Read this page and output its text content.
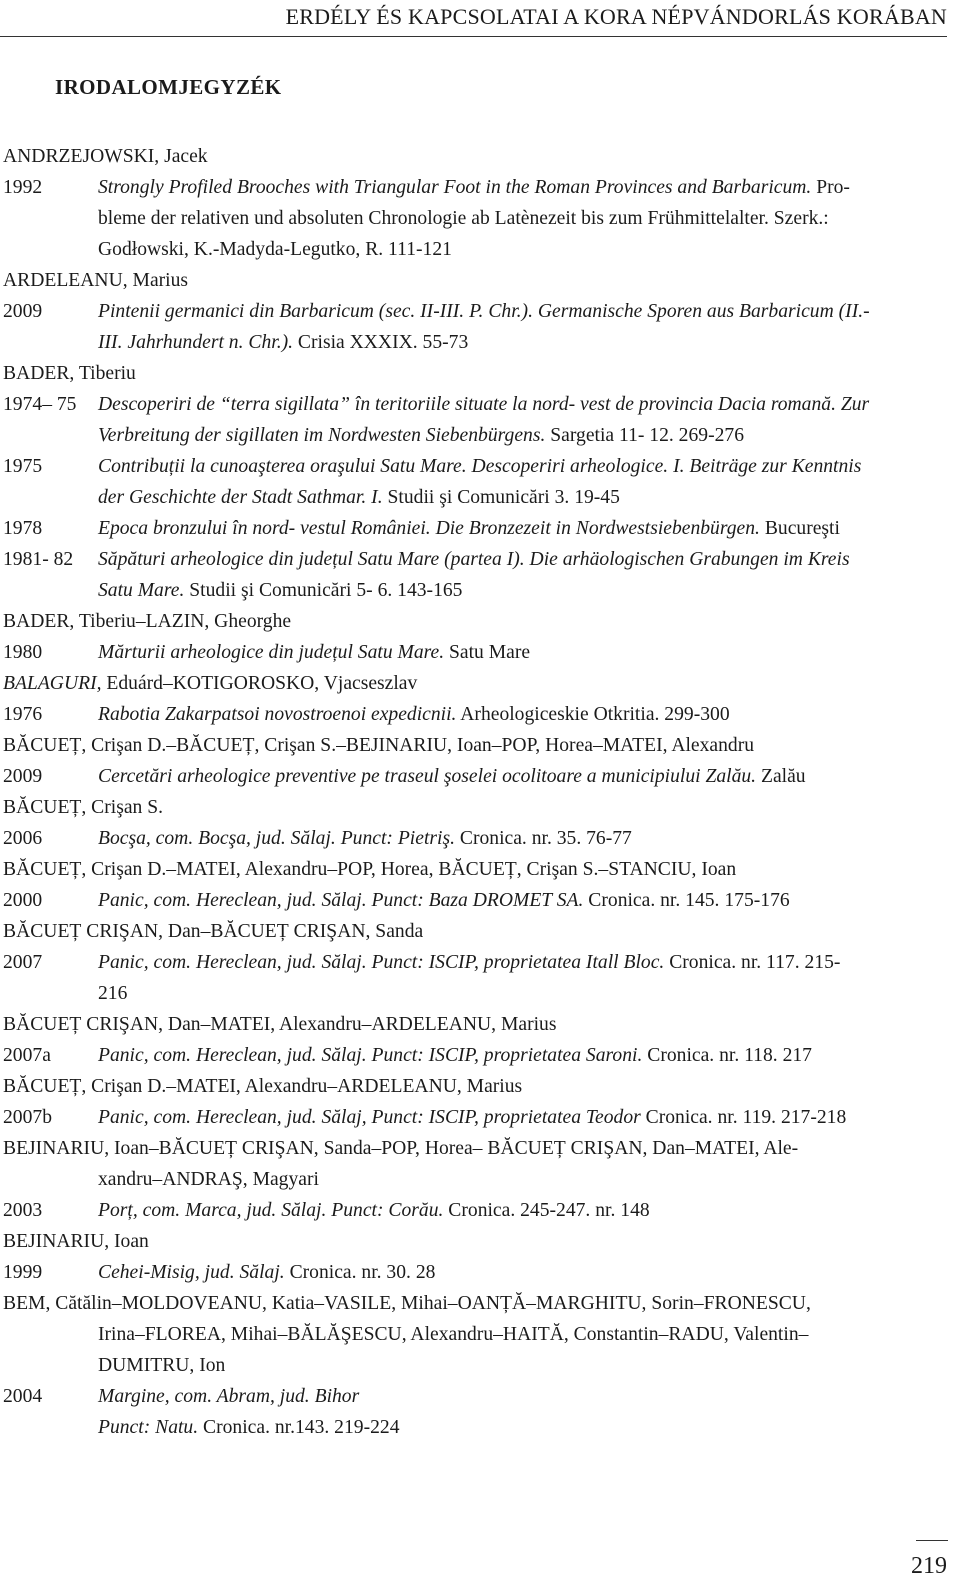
ERDÉLY ÉS KAPCSOLATAI A KORA NÉPVÁNDORLÁS KORÁBAN
IRODALOMJEGYZÉK
ANDRZEJOWSKI, Jacek
1992	Strongly Profiled Brooches with Triangular Foot in the Roman Provinces and Barbaricum. Pro-
bleme der relativen und absoluten Chronologie ab Latènezeit bis zum Frühmittelalter. Szerk.:
Godłowski, K.-Madyda-Legutko, R. 111-121
ARDELEANU, Marius
2009	Pintenii germanici din Barbaricum (sec. II-III. P. Chr.). Germanische Sporen aus Barbaricum (II.-
III. Jahrhundert n. Chr.). Crisia XXXIX. 55-73
BADER, Tiberiu
1974– 75 Descoperiri de “terra sigillata” în teritoriile situate la nord- vest de provincia Dacia romană. Zur
Verbreitung der sigillaten im Nordwesten Siebenbürgens. Sargetia 11- 12. 269-276
1975	Contribuții la cunoaşterea oraşului Satu Mare. Descoperiri arheologice. I. Beiträge zur Kenntnis
der Geschichte der Stadt Sathmar. I. Studii şi Comunicări 3. 19-45
1978	Epoca bronzului în nord- vestul României. Die Bronzezeit in Nordwestsiebenbürgen. Bucureşti
1981- 82 Săpături arheologice din județul Satu Mare (partea I). Die arhäologischen Grabungen im Kreis
Satu Mare. Studii şi Comunicări 5- 6. 143-165
BADER, Tiberiu–LAZIN, Gheorghe
1980	Mărturii arheologice din județul Satu Mare. Satu Mare
BALAGURI, Eduárd–KOTIGOROSKO, Vjacseszlav
1976	Rabotia Zakarpatsoi novostroenoi expedicnii. Arheologiceskie Otkritia. 299-300
BĂCUEȚ, Crişan D.–BĂCUEȚ, Crişan S.–BEJINARIU, Ioan–POP, Horea–MATEI, Alexandru
2009	Cercetări arheologice preventive pe traseul şoselei ocolitoare a municipiului Zalău. Zalău
BĂCUEȚ, Crişan S.
2006	Bocşa, com. Bocşa, jud. Sălaj. Punct: Pietriş. Cronica. nr. 35. 76-77
BĂCUEȚ, Crişan D.–MATEI, Alexandru–POP, Horea, BĂCUEȚ, Crişan S.–STANCIU, Ioan
2000	Panic, com. Hereclean, jud. Sălaj. Punct: Baza DROMET SA. Cronica. nr. 145. 175-176
BĂCUEȚ CRIŞAN, Dan–BĂCUEȚ CRIŞAN, Sanda
2007	Panic, com. Hereclean, jud. Sălaj. Punct: ISCIP, proprietatea Itall Bloc. Cronica. nr. 117. 215-
216
BĂCUEȚ CRIŞAN, Dan–MATEI, Alexandru–ARDELEANU, Marius
2007a Panic, com. Hereclean, jud. Sălaj. Punct: ISCIP, proprietatea Saroni. Cronica. nr. 118. 217
BĂCUEȚ, Crişan D.–MATEI, Alexandru–ARDELEANU, Marius
2007b Panic, com. Hereclean, jud. Sălaj, Punct: ISCIP, proprietatea Teodor Cronica. nr. 119. 217-218
BEJINARIU, Ioan–BĂCUEȚ CRIŞAN, Sanda–POP, Horea– BĂCUEȚ CRIŞAN, Dan–MATEI, Ale-
xandru–ANDRAŞ, Magyari
2003	Porț, com. Marca, jud. Sălaj. Punct: Corău. Cronica. 245-247. nr. 148
BEJINARIU, Ioan
1999	Cehei-Misig, jud. Sălaj. Cronica. nr. 30. 28
BEM, Cătălin–MOLDOVEANU, Katia–VASILE, Mihai–OANȚĂ–MARGHITU, Sorin–FRONESCU,
Irina–FLOREA, Mihai–BĂLĂŞESCU, Alexandru–HAITĂ, Constantin–RADU, Valentin–
DUMITRU, Ion
2004	Margine, com. Abram, jud. Bihor
Punct: Natu. Cronica. nr.143. 219-224
219
